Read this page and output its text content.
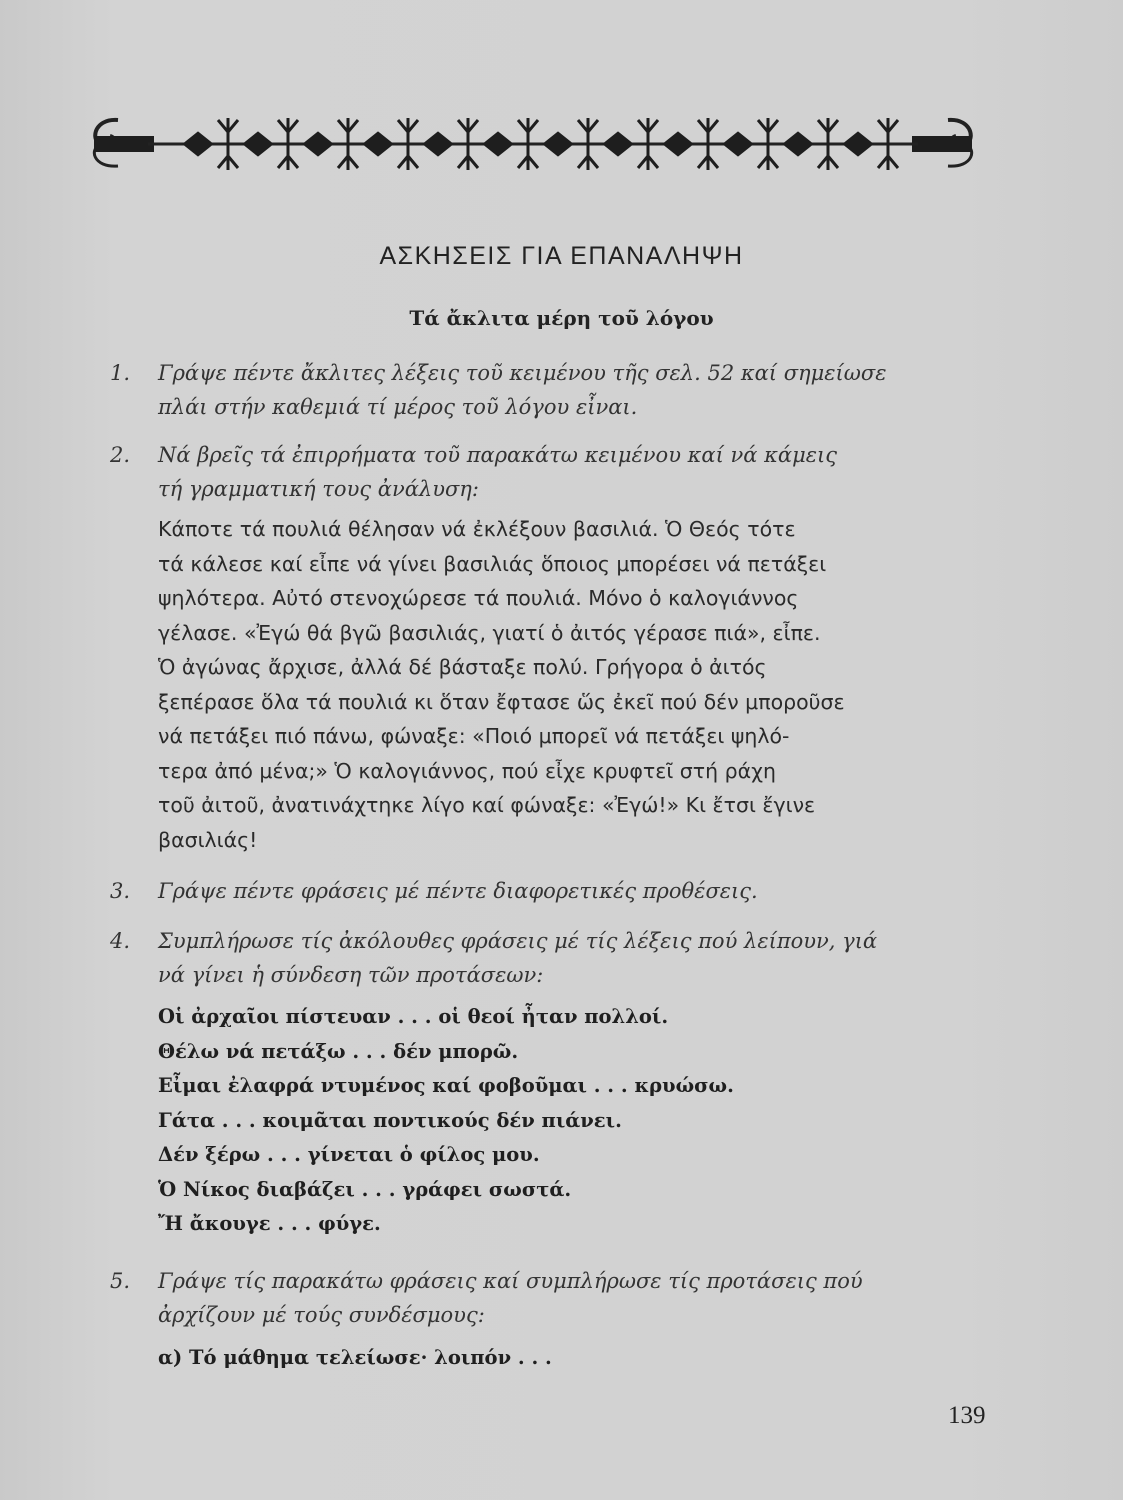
ΑΣΚΗΣΕΙΣ ΓΙΑ ΕΠΑΝΑΛΗΨΗ
Τά ἄκλιτα μέρη τοῦ λόγου
1.	Γράψε πέντε ἄκλιτες λέξεις τοῦ κειμένου τῆς σελ. 52 καί σημείωσε
πλάι στήν καθεμιά τί μέρος τοῦ λόγου εἶναι.
2.	Νά βρεῖς τά ἐπιρρήματα τοῦ παρακάτω κειμένου καί νά κάμεις
τή γραμματική τους ἀνάλυση:
Κάποτε τά πουλιά θέλησαν νά ἐκλέξουν βασιλιά. Ὁ Θεός τότε
τά κάλεσε καί εἶπε νά γίνει βασιλιάς ὅποιος μπορέσει νά πετάξει
ψηλότερα. Αὐτό στενοχώρεσε τά πουλιά. Μόνο ὁ καλογιάννος
γέλασε. «Ἐγώ θά βγῶ βασιλιάς, γιατί ὁ ἀιτός γέρασε πιά», εἶπε.
Ὁ ἀγώνας ἄρχισε, ἀλλά δέ βάσταξε πολύ. Γρήγορα ὁ ἀιτός
ξεπέρασε ὅλα τά πουλιά κι ὅταν ἔφτασε ὥς ἐκεῖ πού δέν μποροῦσε
νά πετάξει πιό πάνω, φώναξε: «Ποιό μπορεῖ νά πετάξει ψηλό-
τερα ἀπό μένα;» Ὁ καλογιάννος, πού εἶχε κρυφτεῖ στή ράχη
τοῦ ἀιτοῦ, ἀνατινάχτηκε λίγο καί φώναξε: «Ἐγώ!» Κι ἔτσι ἔγινε
βασιλιάς!
3.	Γράψε πέντε φράσεις μέ πέντε διαφορετικές προθέσεις.
4.	Συμπλήρωσε τίς ἀκόλουθες φράσεις μέ τίς λέξεις πού λείπουν, γιά
νά γίνει ἡ σύνδεση τῶν προτάσεων:
Οἱ ἀρχαῖοι πίστευαν . . . οἱ θεοί ἦταν πολλοί.
Θέλω νά πετάξω . . . δέν μπορῶ.
Εἶμαι ἐλαφρά ντυμένος καί φοβοῦμαι . . . κρυώσω.
Γάτα . . . κοιμᾶται ποντικούς δέν πιάνει.
Δέν ξέρω . . . γίνεται ὁ φίλος μου.
Ὁ Νίκος διαβάζει . . . γράφει σωστά.
Ἤ ἄκουγε . . . φύγε.
5.	Γράψε τίς παρακάτω φράσεις καί συμπλήρωσε τίς προτάσεις πού
ἀρχίζουν μέ τούς συνδέσμους:
α) Τό μάθημα τελείωσε· λοιπόν . . .
139
